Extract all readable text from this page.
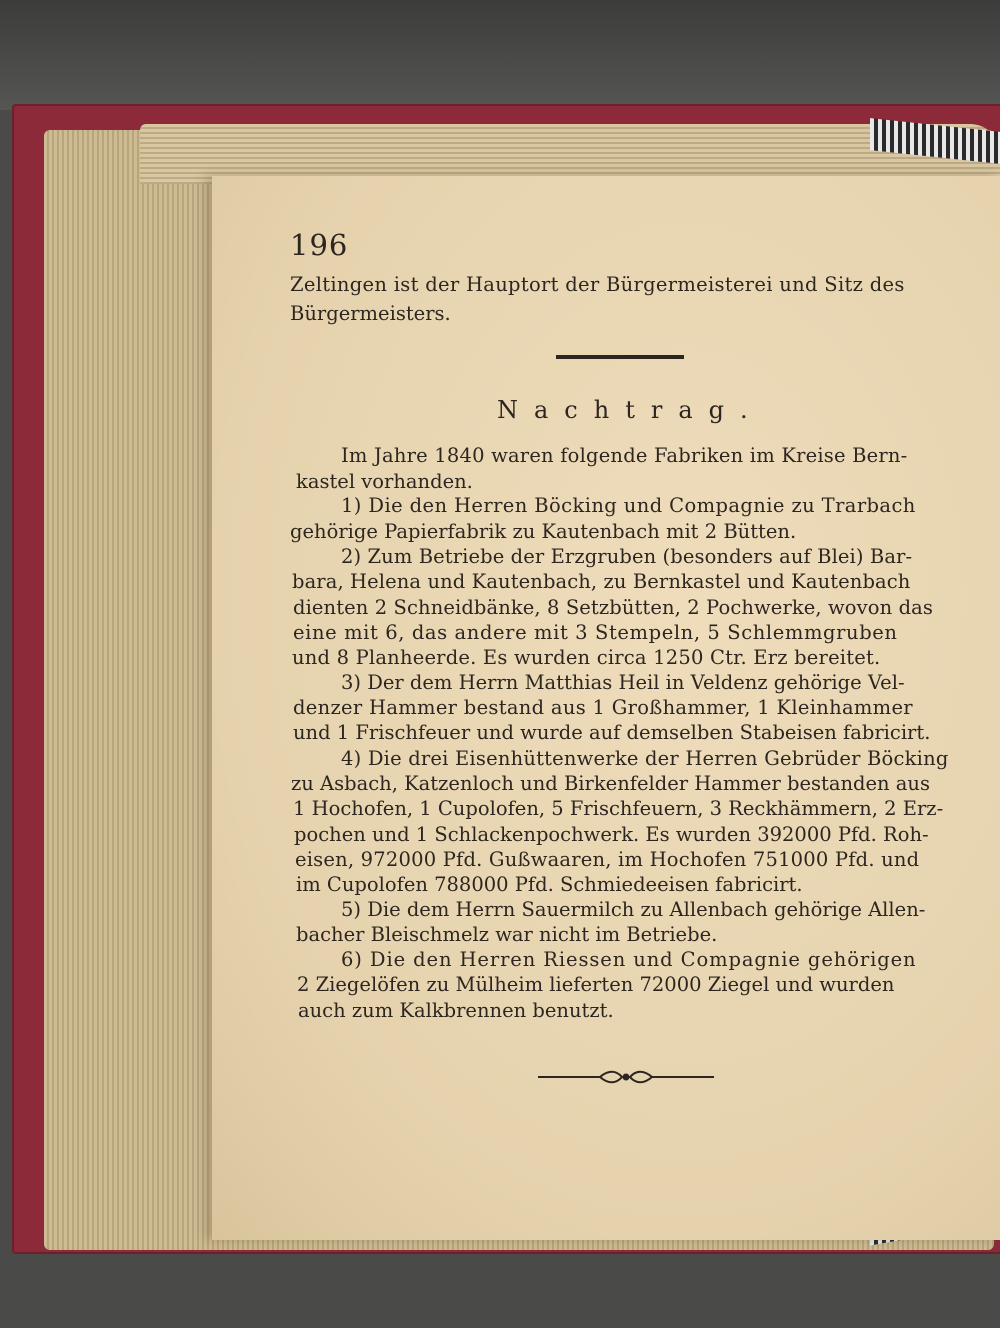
196
Zeltingen ist der Hauptort der Bürgermeisterei und Sitz des
Bürgermeisters.
Nachtrag.
Im Jahre 1840 waren folgende Fabriken im Kreise Bern-
kastel vorhanden.
1) Die den Herren Böcking und Compagnie zu Trarbach
gehörige Papierfabrik zu Kautenbach mit 2 Bütten.
2) Zum Betriebe der Erzgruben (besonders auf Blei) Bar-
bara, Helena und Kautenbach, zu Bernkastel und Kautenbach
dienten 2 Schneidbänke, 8 Setzbütten, 2 Pochwerke, wovon das
eine mit 6, das andere mit 3 Stempeln, 5 Schlemmgruben
und 8 Planheerde. Es wurden circa 1250 Ctr. Erz bereitet.
3) Der dem Herrn Matthias Heil in Veldenz gehörige Vel-
denzer Hammer bestand aus 1 Großhammer, 1 Kleinhammer
und 1 Frischfeuer und wurde auf demselben Stabeisen fabricirt.
4) Die drei Eisenhüttenwerke der Herren Gebrüder Böcking
zu Asbach, Katzenloch und Birkenfelder Hammer bestanden aus
1 Hochofen, 1 Cupolofen, 5 Frischfeuern, 3 Reckhämmern, 2 Erz-
pochen und 1 Schlackenpochwerk. Es wurden 392000 Pfd. Roh-
eisen, 972000 Pfd. Gußwaaren, im Hochofen 751000 Pfd. und
im Cupolofen 788000 Pfd. Schmiedeeisen fabricirt.
5) Die dem Herrn Sauermilch zu Allenbach gehörige Allen-
bacher Bleischmelz war nicht im Betriebe.
6) Die den Herren Riessen und Compagnie gehörigen
2 Ziegelöfen zu Mülheim lieferten 72000 Ziegel und wurden
auch zum Kalkbrennen benutzt.
